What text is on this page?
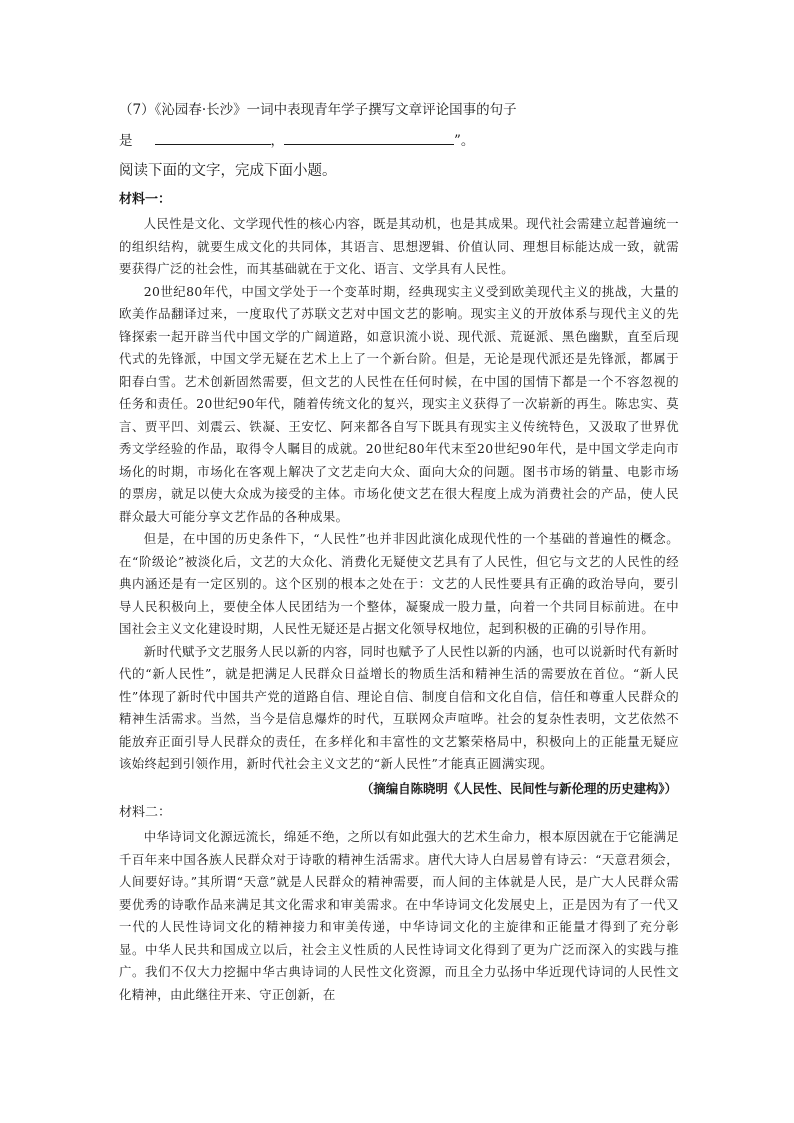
（7）《沁园春·长沙》一词中表现青年学子撰写文章评论国事的句子

是	，	”。

阅读下面的文字，完成下面小题。

材料一：

人民性是文化、文学现代性的核心内容，既是其动机，也是其成果。现代社会需建立起普遍统一的组织结构，就要生成文化的共同体，其语言、思想逻辑、价值认同、理想目标能达成一致，就需要获得广泛的社会性，而其基础就在于文化、语言、文学具有人民性。

20世纪80年代，中国文学处于一个变革时期，经典现实主义受到欧美现代主义的挑战，大量的欧美作品翻译过来，一度取代了苏联文艺对中国文艺的影响。现实主义的开放体系与现代主义的先锋探索一起开辟当代中国文学的广阔道路，如意识流小说、现代派、荒诞派、黑色幽默，直至后现代式的先锋派，中国文学无疑在艺术上上了一个新台阶。但是，无论是现代派还是先锋派，都属于阳春白雪。艺术创新固然需要，但文艺的人民性在任何时候，在中国的国情下都是一个不容忽视的任务和责任。20世纪90年代，随着传统文化的复兴，现实主义获得了一次崭新的再生。陈忠实、莫言、贾平凹、刘震云、铁凝、王安忆、阿来都各自写下既具有现实主义传统特色，又汲取了世界优秀文学经验的作品，取得令人瞩目的成就。20世纪80年代末至20世纪90年代，是中国文学走向市场化的时期，市场化在客观上解决了文艺走向大众、面向大众的问题。图书市场的销量、电影市场的票房，就足以使大众成为接受的主体。市场化使文艺在很大程度上成为消费社会的产品，使人民群众最大可能分享文艺作品的各种成果。

但是，在中国的历史条件下，“人民性”也并非因此演化成现代性的一个基础的普遍性的概念。在“阶级论”被淡化后，文艺的大众化、消费化无疑使文艺具有了人民性，但它与文艺的人民性的经典内涵还是有一定区别的。这个区别的根本之处在于：文艺的人民性要具有正确的政治导向，要引导人民积极向上，要使全体人民团结为一个整体，凝聚成一股力量，向着一个共同目标前进。在中国社会主义文化建设时期，人民性无疑还是占据文化领导权地位，起到积极的正确的引导作用。

新时代赋予文艺服务人民以新的内容，同时也赋予了人民性以新的内涵，也可以说新时代有新时代的“新人民性”，就是把满足人民群众日益增长的物质生活和精神生活的需要放在首位。“新人民性”体现了新时代中国共产党的道路自信、理论自信、制度自信和文化自信，信任和尊重人民群众的精神生活需求。当然，当今是信息爆炸的时代，互联网众声喧哗。社会的复杂性表明，文艺依然不能放弃正面引导人民群众的责任，在多样化和丰富性的文艺繁荣格局中，积极向上的正能量无疑应该始终起到引领作用，新时代社会主义文艺的“新人民性”才能真正圆满实现。

（摘编自陈晓明《人民性、民间性与新伦理的历史建构》）

材料二：

中华诗词文化源远流长，绵延不绝，之所以有如此强大的艺术生命力，根本原因就在于它能满足千百年来中国各族人民群众对于诗歌的精神生活需求。唐代大诗人白居易曾有诗云：“天意君须会，人间要好诗。”其所谓“天意”就是人民群众的精神需要，而人间的主体就是人民，是广大人民群众需要优秀的诗歌作品来满足其文化需求和审美需求。在中华诗词文化发展史上，正是因为有了一代又一代的人民性诗词文化的精神接力和审美传递，中华诗词文化的主旋律和正能量才得到了充分彰显。中华人民共和国成立以后，社会主义性质的人民性诗词文化得到了更为广泛而深入的实践与推广。我们不仅大力挖掘中华古典诗词的人民性文化资源，而且全力弘扬中华近现代诗词的人民性文化精神，由此继往开来、守正创新，在
